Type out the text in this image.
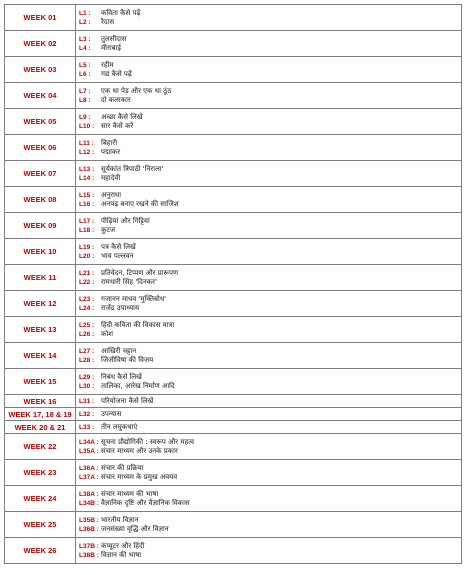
WEEK 01	L1 : कविता कैसे पढ़ें
L2 : रैदास

WEEK 02	L3 : तुलसीदास
L4 : मीराबाई

WEEK 03	L5 : रहीम
L6 : गद्य कैसे पढ़ें

WEEK 04	L7 : एक था पेड़ और एक था ठूंठ
L8 : दो कलाकार

WEEK 05	L9 : अच्छा कैसे लिखें
L10 : सार कैसे करें

WEEK 06	L11 : बिहारी
L12 : पद्माकर

WEEK 07	L13 : सूर्यकांत त्रिपाठी 'निराला'
L14 : महादेवी

WEEK 08	L15 : अनुराधा
L16 : अनपढ़ बनाए रखने की साजिश

WEEK 09	L17 : पीढ़ियां और गिट्टियां
L18 : कुटज

WEEK 10	L19 : पत्र कैसे लिखें
L20 : भाव पल्लवन

WEEK 11	L21 : प्रतिवेदन, टिप्पण और प्रारूपण
L22 : रामधारी सिंह 'दिनकर'

WEEK 12	L23 : गजानन माधव 'मुक्तिबोध'
L24 : राजेंद्र उपाध्याय

WEEK 13	L25 : हिंदी कविता की विकास यात्रा
L26 : कोश

WEEK 14	L27 : आखिरी चट्टान
L28 : जिजीविषा की विजय

WEEK 15	L29 : निबंध कैसे लिखें
L30 : तालिका, आरेख निर्माण आदि

WEEK 16	L31 : परियोजना कैसे लिखें

WEEK 17, 18 & 19	L32 : उपन्यास

WEEK 20 & 21	L33 : तीन लघुकथाएं

WEEK 22	L34A : सूचना प्रौद्योगिकी : स्वरूप और महत्व
L35A : संचार माध्यम और उनके प्रकार

WEEK 23	L36A : संचार की प्रक्रिया
L37A : संचार माध्यम के प्रमुख अवयव

WEEK 24	L38A : संचार माध्यम की भाषा
L34B : वैज्ञानिक दृष्टि और वैज्ञानिक विकास

WEEK 25	L35B : भारतीय विज्ञान
L36B : जनसंख्या वृद्धि और विज्ञान

WEEK 26	L37B : कंप्यूटर और हिंदी
L38B : विज्ञान की भाषा
